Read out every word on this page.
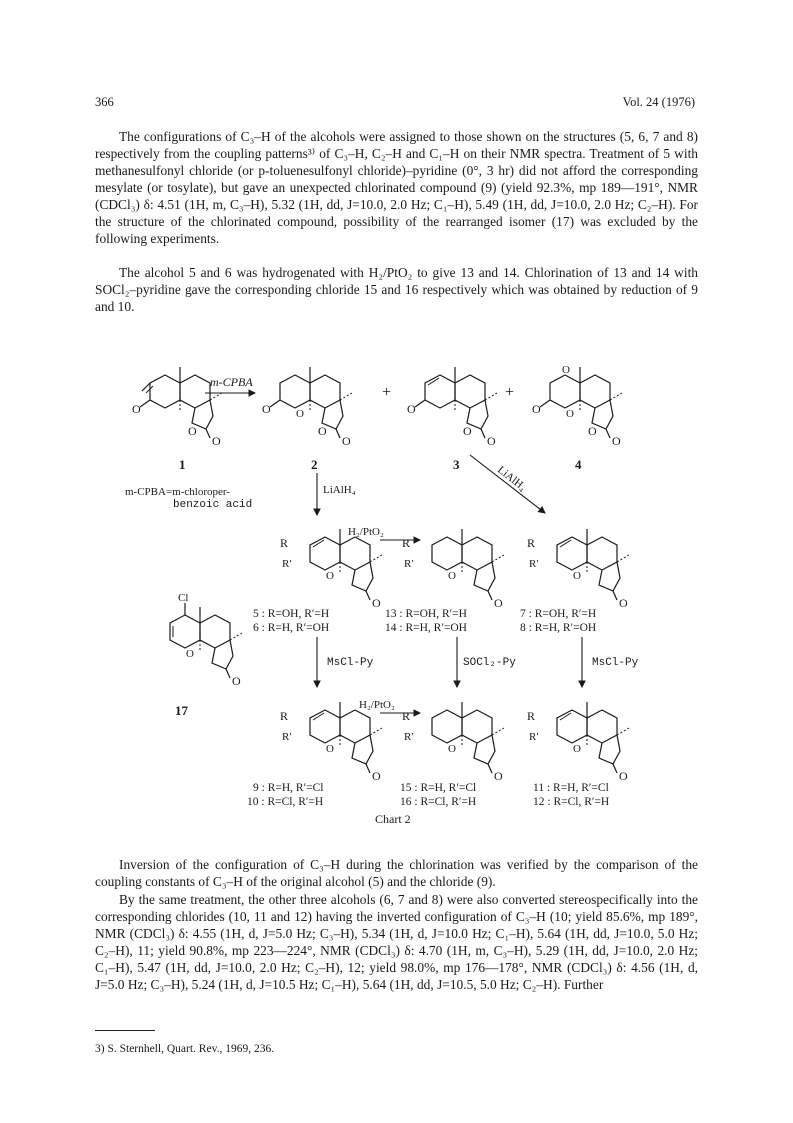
366	Vol. 24 (1976)

The configurations of C₃–H of the alcohols were assigned to those shown on the structures (5, 6, 7 and 8) respectively from the coupling patterns³⁾ of C₃–H, C₂–H and C₁–H on their NMR spectra. Treatment of 5 with methanesulfonyl chloride (or p-toluenesulfonyl chloride)–pyridine (0°, 3 hr) did not afford the corresponding mesylate (or tosylate), but gave an unexpected chlorinated compound (9) (yield 92.3%, mp 189—191°, NMR (CDCl₃) δ: 4.51 (1H, m, C₃–H), 5.32 (1H, dd, J=10.0, 2.0 Hz; C₁–H), 5.49 (1H, dd, J=10.0, 2.0 Hz; C₂–H). For the structure of the chlorinated compound, possibility of the rearranged isomer (17) was excluded by the following experiments.

The alcohol 5 and 6 was hydrogenated with H₂/PtO₂ to give 13 and 14. Chlorination of 13 and 14 with SOCl₂–pyridine gave the corresponding chloride 15 and 16 respectively which was obtained by reduction of 9 and 10.

O
O
O
O O
O
O
+
O
O
O
+
O
O O
O
O
m-CPBA
1	2	3	4
m-CPBA=m-chloroper-
benzoic acid
LiAlH₄	LiAlH₄
R
R′
O
O
H₂/PtO₂
R
R′
O
O
R
R′
O
O
5 : R=OH, R′=H
6 : R=H, R′=OH
13 : R=OH, R′=H
14 : R=H, R′=OH
7 : R=OH, R′=H
8 : R=H, R′=OH
Cl
O
O
17
MsCl-Py	SOCl₂-Py	MsCl-Py
R
R′
O
O
H₂/PtO₂
R
R′
O
O
R
R′
O
O
9 : R=H, R′=Cl
10 : R=Cl, R′=H
15 : R=H, R′=Cl
16 : R=Cl, R′=H
11 : R=H, R′=Cl
12 : R=Cl, R′=H
Chart 2

Inversion of the configuration of C₃–H during the chlorination was verified by the comparison of the coupling constants of C₃–H of the original alcohol (5) and the chloride (9).

By the same treatment, the other three alcohols (6, 7 and 8) were also converted stereospecifically into the corresponding chlorides (10, 11 and 12) having the inverted configuration of C₃–H (10; yield 85.6%, mp 189°, NMR (CDCl₃) δ: 4.55 (1H, d, J=5.0 Hz; C₃–H), 5.34 (1H, d, J=10.0 Hz; C₁–H), 5.64 (1H, dd, J=10.0, 5.0 Hz; C₂–H), 11; yield 90.8%, mp 223—224°, NMR (CDCl₃) δ: 4.70 (1H, m, C₃–H), 5.29 (1H, dd, J=10.0, 2.0 Hz; C₁–H), 5.47 (1H, dd, J=10.0, 2.0 Hz; C₂–H), 12; yield 98.0%, mp 176—178°, NMR (CDCl₃) δ: 4.56 (1H, d, J=5.0 Hz; C₃–H), 5.24 (1H, d, J=10.5 Hz; C₁–H), 5.64 (1H, dd, J=10.5, 5.0 Hz; C₂–H). Further

3) S. Sternhell, Quart. Rev., 1969, 236.
